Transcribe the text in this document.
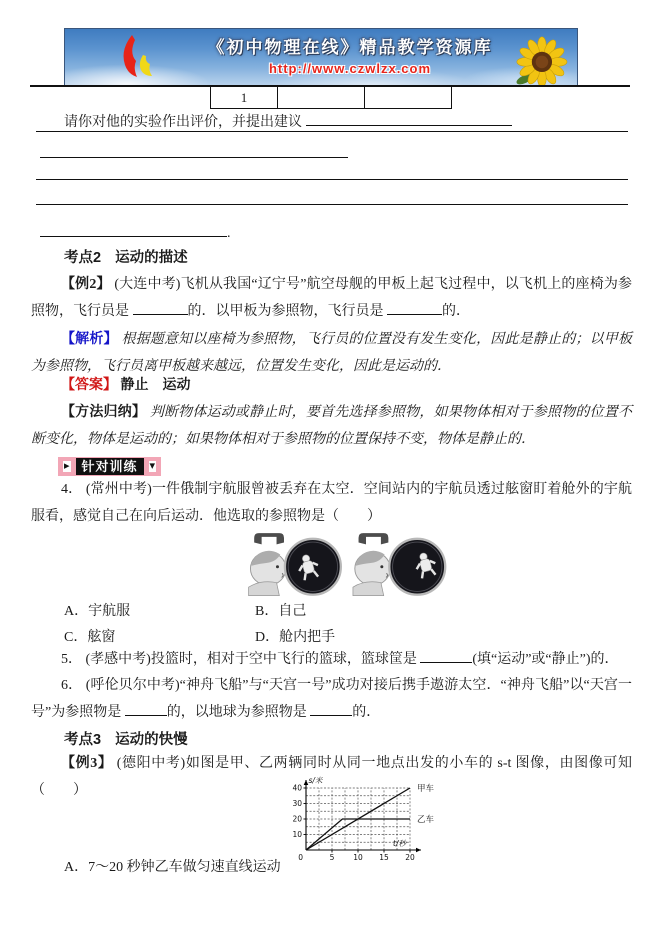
《初中物理在线》精品教学资源库
http://www.czwlzx.com
1
请你对他的实验作出评价，并提出建议
.
考点2 运动的描述

【例2】 (大连中考)飞机从我国“辽宁号”航空母舰的甲板上起飞过程中，以飞机上的座椅为参照物，飞行员是	的．以甲板为参照物，飞行员是	的．

【解析】 根据题意知以座椅为参照物，飞行员的位置没有发生变化，因此是静止的；以甲板为参照物，飞行员离甲板越来越远，位置发生变化，因此是运动的．

【答案】 静止　运动

【方法归纳】 判断物体运动或静止时，要首先选择参照物，如果物体相对于参照物的位置不断变化，物体是运动的；如果物体相对于参照物的位置保持不变，物体是静止的．

▸ 针对训练	▾

4． (常州中考)一件俄制宇航服曾被丢弃在太空．空间站内的宇航员透过舷窗盯着舱外的宇航服看，感觉自己在向后运动．他选取的参照物是（　　）

A．宇航服	B．自己
C．舷窗	D．舱内把手

5． (孝感中考)投篮时，相对于空中飞行的篮球，篮球筐是	(填“运动”或“静止”)的．

6． (呼伦贝尔中考)“神舟飞船”与“天宫一号”成功对接后携手遨游太空．“神舟飞船”以“天宫一号”为参照物是	的，以地球为参照物是	的．

考点3 运动的快慢

【例3】 (德阳中考)如图是甲、乙两辆同时从同一地点出发的小车的 s-t 图像，由图像可知（　　）

5	10 15 20
10
20
30
40
0
s/米
t/秒
甲车
乙车
A．7～20 秒钟乙车做匀速直线运动
